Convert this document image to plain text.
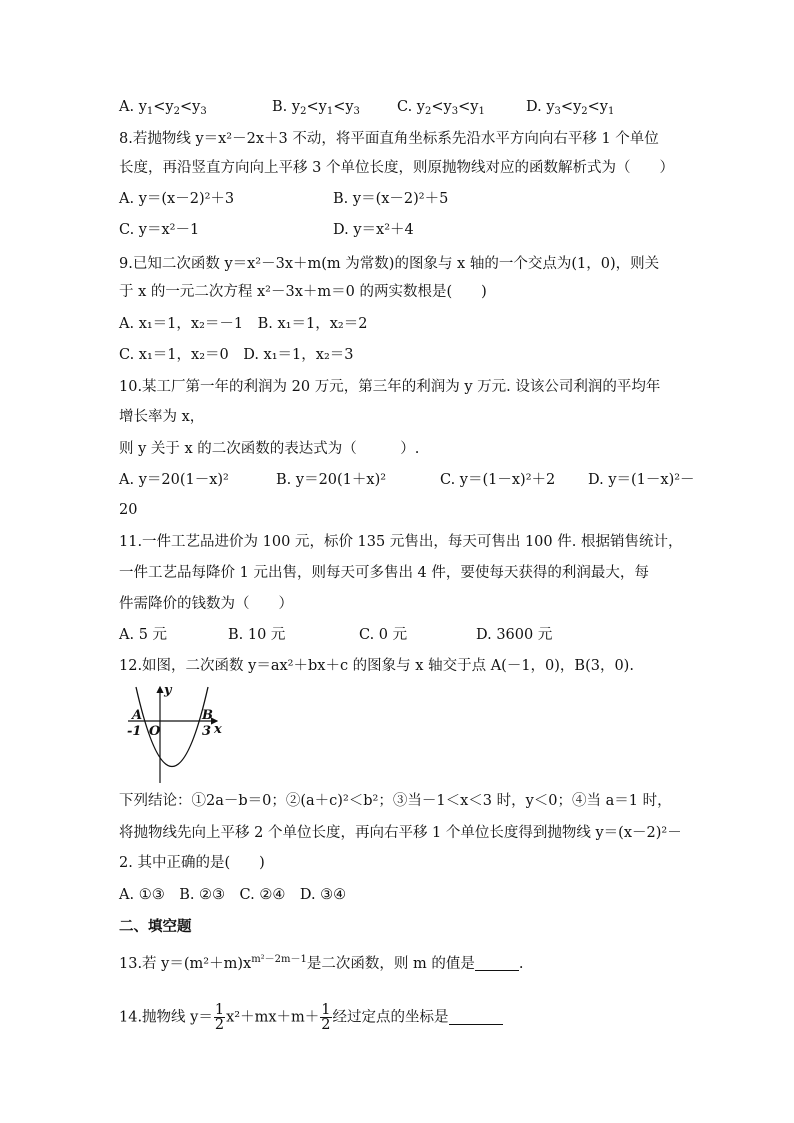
A. $y_1<y_2<y_3$	B. $y_2<y_1<y_3$	C. $y_2<y_3<y_1$	D. $y_3<y_2<y_1$
8.若抛物线 y＝x²－2x＋3 不动，将平面直角坐标系先沿水平方向向右平移 1 个单位
长度，再沿竖直方向向上平移 3 个单位长度，则原抛物线对应的函数解析式为（　　）
A. y＝(x－2)²＋3	B. y＝(x－2)²＋5
C. y＝x²－1	D. y＝x²＋4
9.已知二次函数 y＝x²－3x＋m(m 为常数)的图象与 x 轴的一个交点为(1，0)，则关
于 x 的一元二次方程 x²－3x＋m＝0 的两实数根是(　　)
A. x₁＝1，x₂＝－1　B. x₁＝1，x₂＝2
C. x₁＝1，x₂＝0　D. x₁＝1，x₂＝3
10.某工厂第一年的利润为 20 万元，第三年的利润为 y 万元. 设该公司利润的平均年
增长率为 x，
则 y 关于 x 的二次函数的表达式为（　　　）.
A. y＝20(1－x)²	B. y＝20(1＋x)²	C. y＝(1－x)²＋2 D. y＝(1－x)²－
20
11.一件工艺品进价为 100 元，标价 135 元售出，每天可售出 100 件. 根据销售统计，
一件工艺品每降价 1 元出售，则每天可多售出 4 件，要使每天获得的利润最大，每
件需降价的钱数为（　　）
A. 5 元	B. 10 元	C. 0 元	D. 3600 元
12.如图，二次函数 y＝ax²＋bx＋c 的图象与 x 轴交于点 A(－1，0)，B(3，0).
y
x
A	B
-1 O	3
下列结论：①2a－b＝0；②(a＋c)²＜b²；③当－1＜x＜3 时，y＜0；④当 a＝1 时，
将抛物线先向上平移 2 个单位长度，再向右平移 1 个单位长度得到抛物线 y＝(x－2)²－
2. 其中正确的是(　　)
A. ①③　B. ②③　C. ②④　D. ③④
二、填空题
13.若 $y=(m^2+m)x^{m^2-2m-1}$是二次函数，则 m 的值是	.
14.抛物线 $y= \frac{1}{2} x^2+mx+m+ \frac{1}{2}$ 经过定点的坐标是
